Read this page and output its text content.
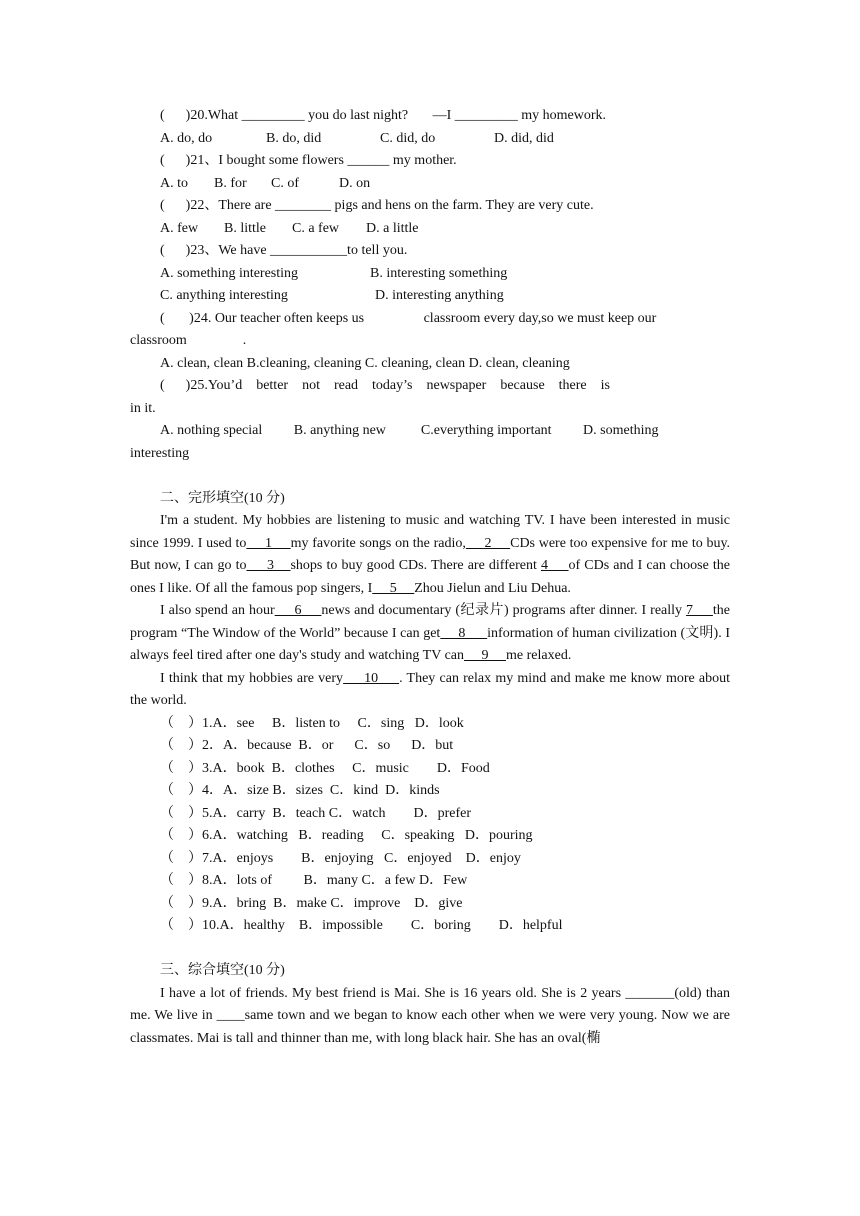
(      )20.What _________ you do last night?       —I _________ my homework.
A. do, do	B. do, did	C. did, do	D. did, did
(      )21、I bought some flowers ______ my mother.
A. to B. for C. of	D. on
(      )22、There are ________ pigs and hens on the farm. They are very cute.
A. few B. little C. a few D. a little
(      )23、We have ___________to tell you.
A. something interesting	B. interesting something
C. anything interesting	D. interesting anything
(       )24. Our teacher often keeps us                 classroom every day,so we must keep our
classroom                .
A. clean, clean B.cleaning, cleaning C. cleaning, clean D. clean, cleaning
(      )25.You’d    better    not    read    today’s    newspaper    because    there    is
in it.
A. nothing special         B. anything new          C.everything important         D. something
interesting
二、完形填空(10 分)
I'm a student. My hobbies are listening to music and watching TV. I have been interested in music since 1999. I used to     1     my favorite songs on the radio,     2     CDs were too expensive for me to buy. But now, I can go to     3    shops to buy good CDs. There are different 4     of CDs and I can choose the ones I like. Of all the famous pop singers, I     5     Zhou Jielun and Liu Dehua.
I also spend an hour     6     news and documentary (纪录片) programs after dinner. I really 7     the program “The Window of the World” because I can get     8      information of human civilization (文明). I always feel tired after one day's study and watching TV can     9     me relaxed.
I think that my hobbies are very     10     . They can relax my mind and make me know more about the world.
（    ）1.A．see     B．listen to     C．sing   D．look
（    ）2．A．because  B．or      C．so      D．but
（    ）3.A．book  B．clothes     C．music        D．Food
（    ）4．A．size B．sizes  C．kind  D．kinds
（    ）5.A．carry  B．teach C．watch        D．prefer
（    ）6.A．watching   B．reading     C．speaking   D．pouring
（    ）7.A．enjoys        B．enjoying   C．enjoyed    D．enjoy
（    ）8.A．lots of         B．many C．a few D．Few
（    ）9.A．bring  B．make C．improve    D．give
（    ）10.A．healthy    B．impossible        C．boring        D．helpful
三、综合填空(10 分)
I have a lot of friends. My best friend is Mai. She is 16 years old. She is 2 years _______(old) than me. We live in ____same town and we began to know each other when we were very young. Now we are classmates. Mai is tall and thinner than me, with long black hair. She has an oval(椭
